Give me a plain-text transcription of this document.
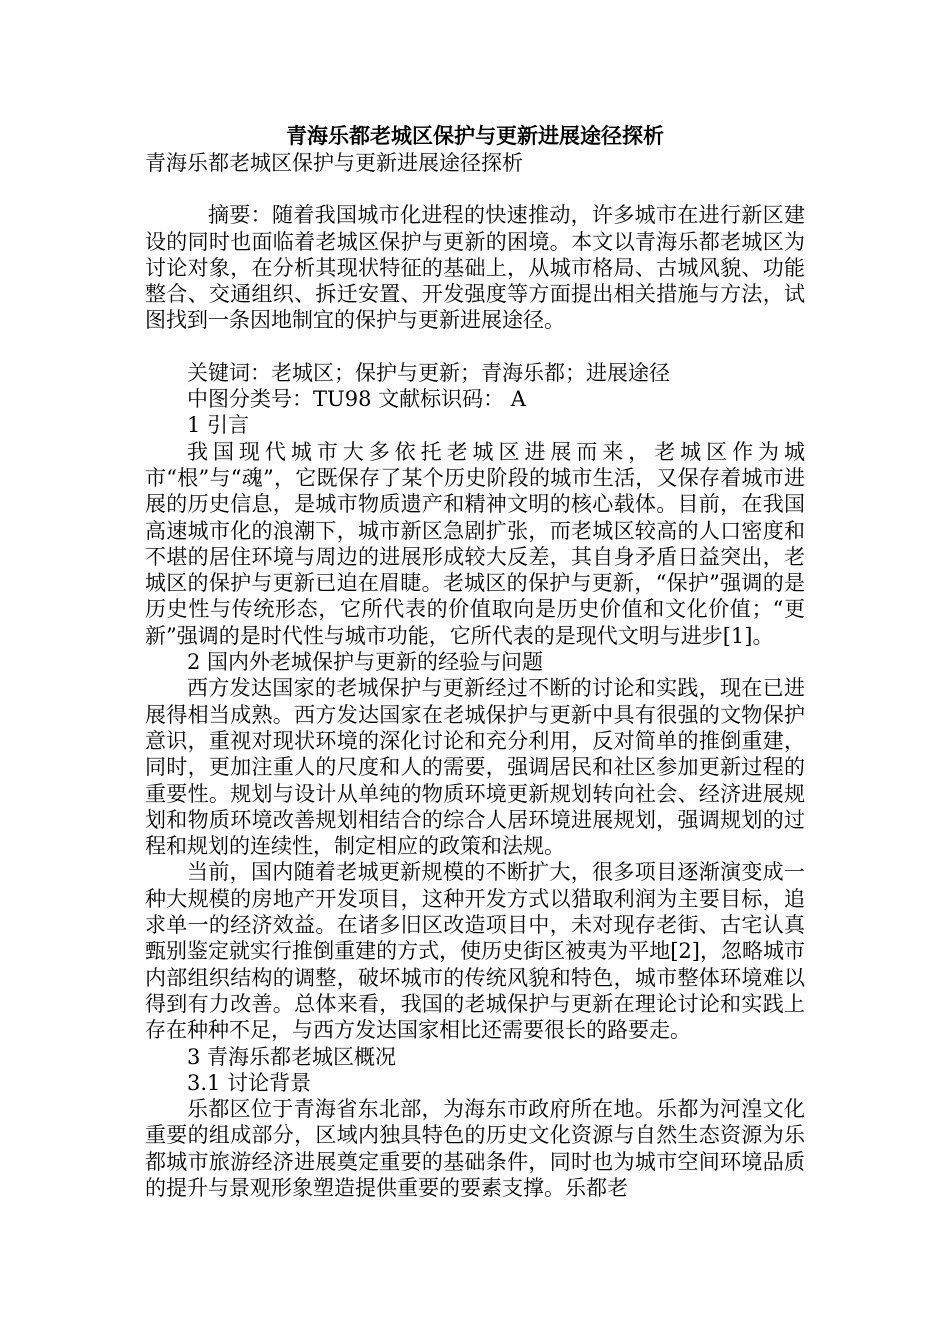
青海乐都老城区保护与更新进展途径探析

青海乐都老城区保护与更新进展途径探析

摘要：随着我国城市化进程的快速推动，许多城市在进行新区建设的同时也面临着老城区保护与更新的困境。本文以青海乐都老城区为讨论对象，在分析其现状特征的基础上，从城市格局、古城风貌、功能整合、交通组织、拆迁安置、开发强度等方面提出相关措施与方法，试图找到一条因地制宜的保护与更新进展途径。

关键词：老城区；保护与更新；青海乐都；进展途径

中图分类号：TU98 文献标识码： A

1 引言

我国现代城市大多依托老城区进展而来，老城区作为城市“根”与“魂”，它既保存了某个历史阶段的城市生活，又保存着城市进展的历史信息，是城市物质遗产和精神文明的核心载体。目前，在我国高速城市化的浪潮下，城市新区急剧扩张，而老城区较高的人口密度和不堪的居住环境与周边的进展形成较大反差，其自身矛盾日益突出，老城区的保护与更新已迫在眉睫。老城区的保护与更新，“保护”强调的是历史性与传统形态，它所代表的价值取向是历史价值和文化价值；“更新”强调的是时代性与城市功能，它所代表的是现代文明与进步[1]。

2 国内外老城保护与更新的经验与问题

西方发达国家的老城保护与更新经过不断的讨论和实践，现在已进展得相当成熟。西方发达国家在老城保护与更新中具有很强的文物保护意识，重视对现状环境的深化讨论和充分利用，反对简单的推倒重建，同时，更加注重人的尺度和人的需要，强调居民和社区参加更新过程的重要性。规划与设计从单纯的物质环境更新规划转向社会、经济进展规划和物质环境改善规划相结合的综合人居环境进展规划，强调规划的过程和规划的连续性，制定相应的政策和法规。

当前，国内随着老城更新规模的不断扩大，很多项目逐渐演变成一种大规模的房地产开发项目，这种开发方式以猎取利润为主要目标，追求单一的经济效益。在诸多旧区改造项目中，未对现存老街、古宅认真甄别鉴定就实行推倒重建的方式，使历史街区被夷为平地[2]，忽略城市内部组织结构的调整，破坏城市的传统风貌和特色，城市整体环境难以得到有力改善。总体来看，我国的老城保护与更新在理论讨论和实践上存在种种不足，与西方发达国家相比还需要很长的路要走。

3 青海乐都老城区概况

3.1 讨论背景

乐都区位于青海省东北部，为海东市政府所在地。乐都为河湟文化重要的组成部分，区域内独具特色的历史文化资源与自然生态资源为乐都城市旅游经济进展奠定重要的基础条件，同时也为城市空间环境品质的提升与景观形象塑造提供重要的要素支撑。乐都老
